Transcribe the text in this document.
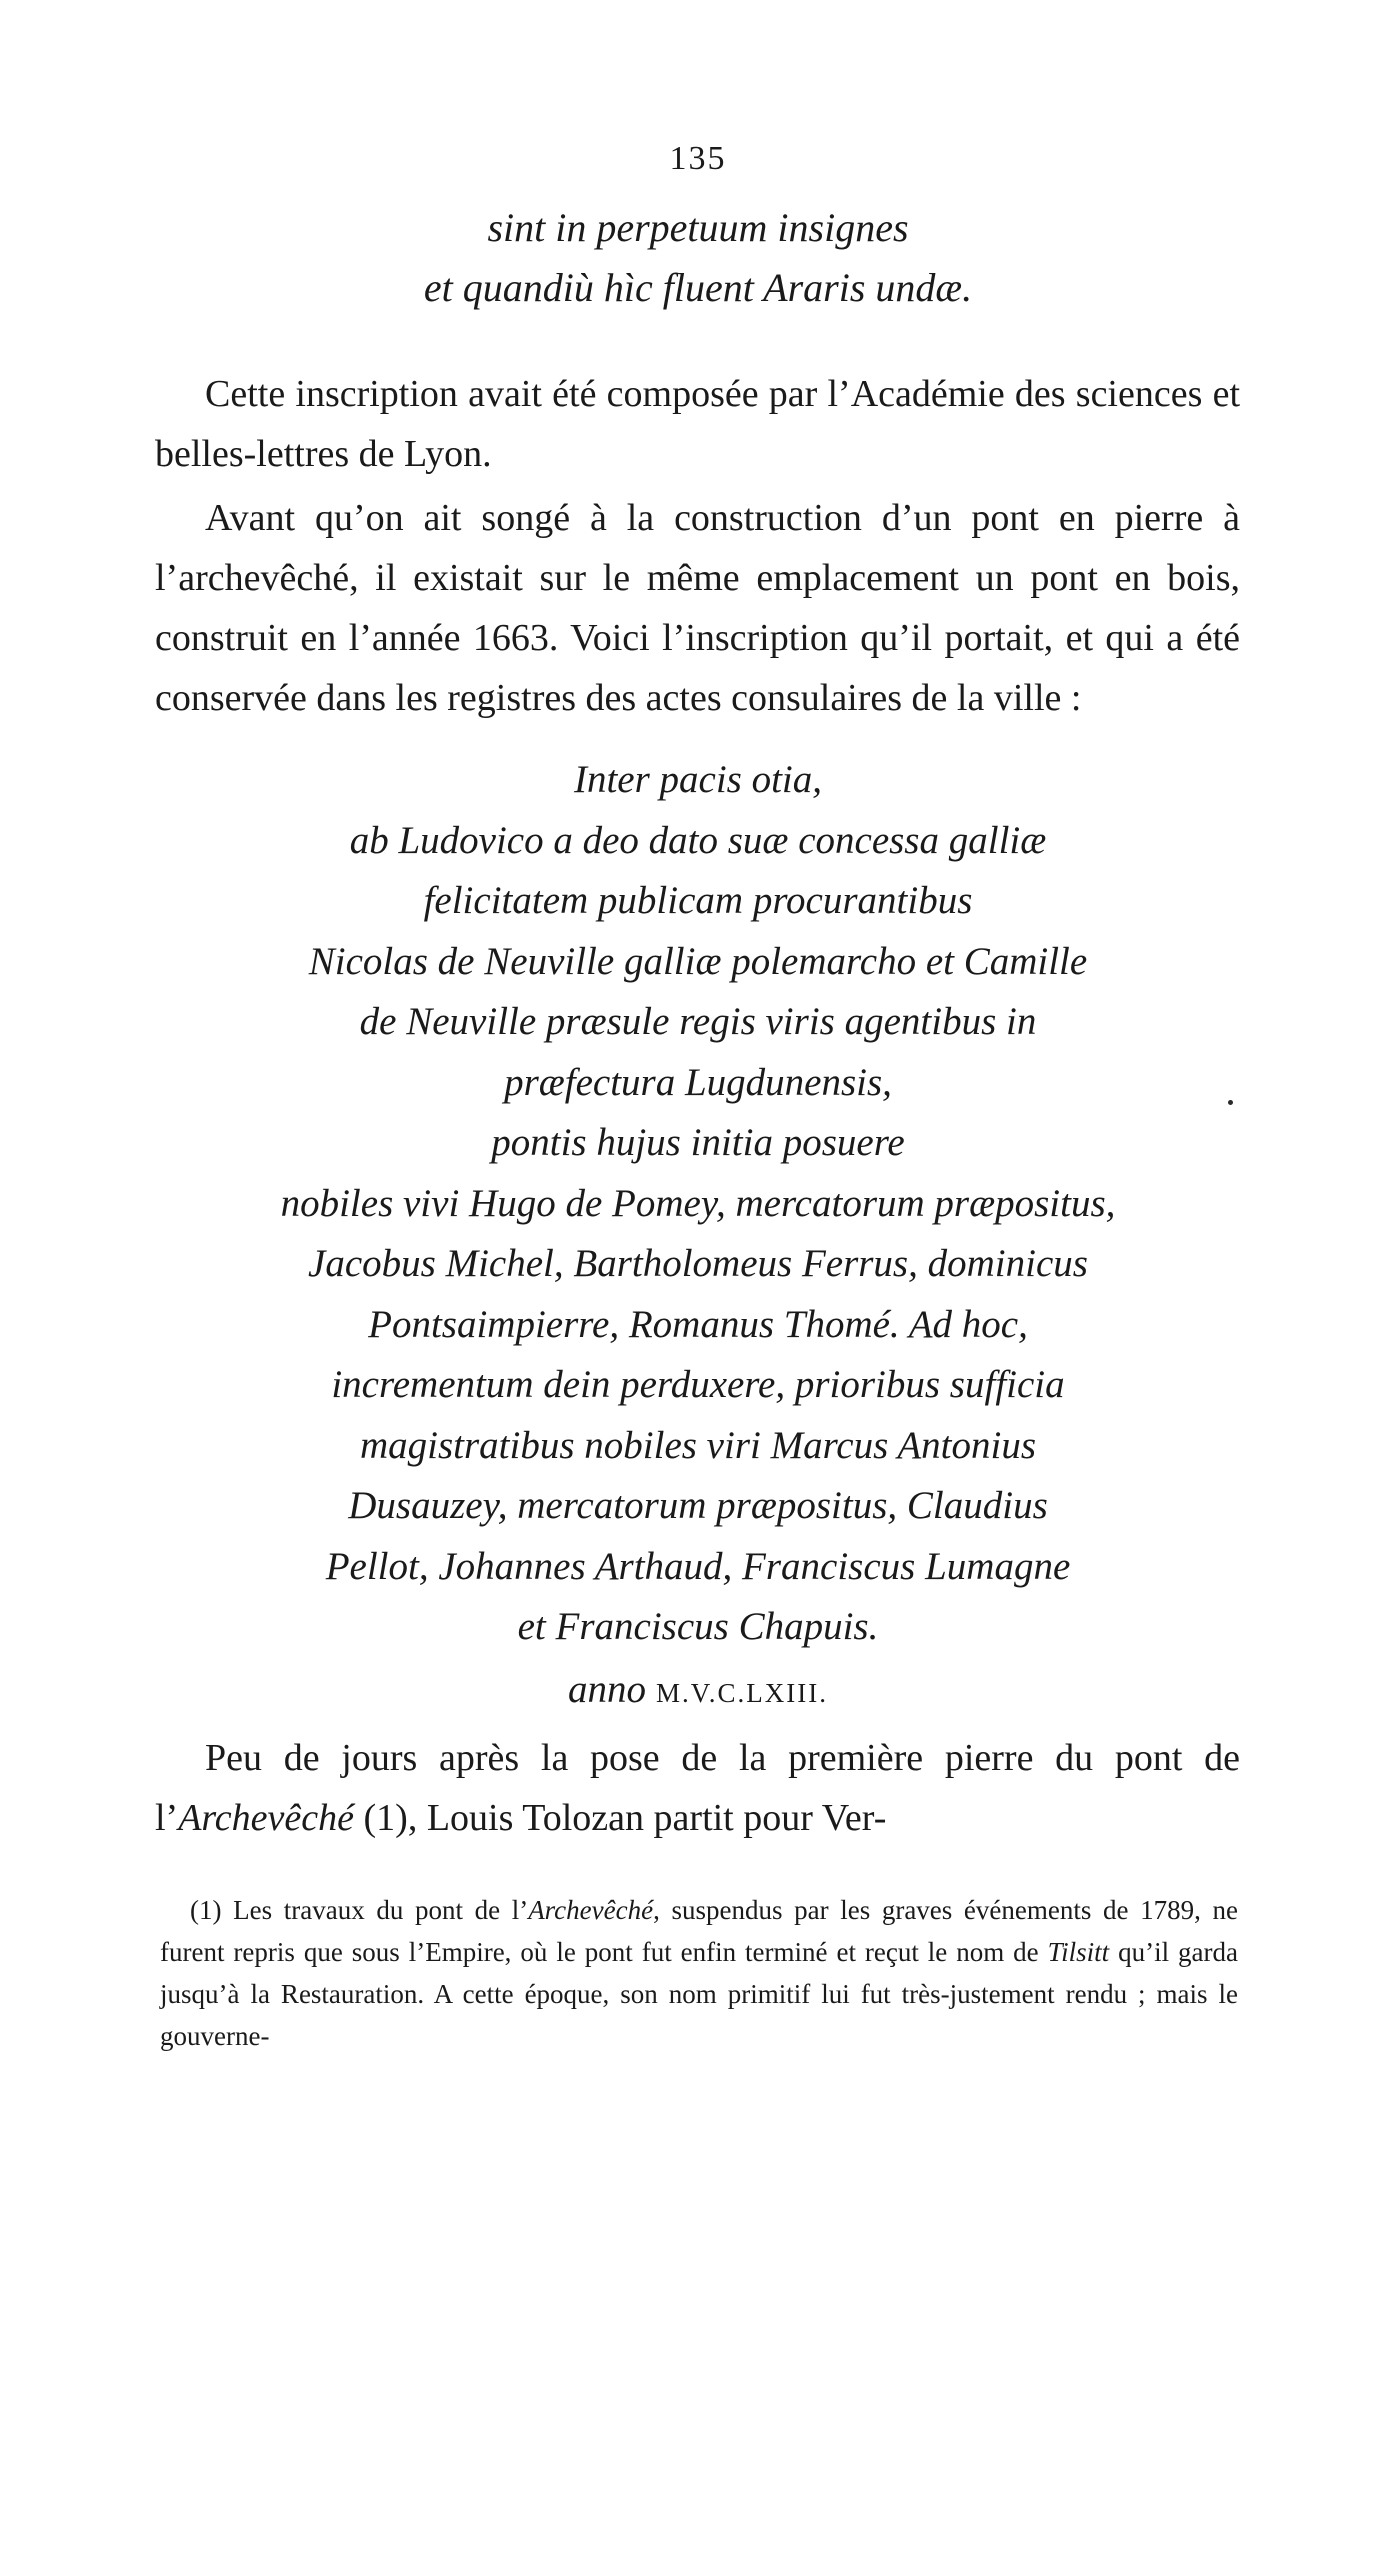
135
sint in perpetuum insignes
et quandiù hìc fluent Araris undæ.

Cette inscription avait été composée par l’Académie des sciences et belles-lettres de Lyon.

Avant qu’on ait songé à la construction d’un pont en pierre à l’archevêché, il existait sur le même emplacement un pont en bois, construit en l’année 1663. Voici l’inscription qu’il portait, et qui a été conservée dans les registres des actes consulaires de la ville :

Inter pacis otia,
ab Ludovico a deo dato suæ concessa galliæ
felicitatem publicam procurantibus
Nicolas de Neuville galliæ polemarcho et Camille
de Neuville præsule regis viris agentibus in
præfectura Lugdunensis,
pontis hujus initia posuere
nobiles vivi Hugo de Pomey, mercatorum præpositus,
Jacobus Michel, Bartholomeus Ferrus, dominicus
Pontsaimpierre, Romanus Thomé. Ad hoc,
incrementum dein perduxere, prioribus sufficia
magistratibus nobiles viri Marcus Antonius
Dusauzey, mercatorum præpositus, Claudius
Pellot, Johannes Arthaud, Franciscus Lumagne
et Franciscus Chapuis.
anno M.V.C.LXIII.

Peu de jours après la pose de la première pierre du pont de l’Archevêché (1), Louis Tolozan partit pour Ver-

(1) Les travaux du pont de l’Archevêché, suspendus par les graves événements de 1789, ne furent repris que sous l’Empire, où le pont fut enfin terminé et reçut le nom de Tilsitt qu’il garda jusqu’à la Restauration. A cette époque, son nom primitif lui fut très-justement rendu ; mais le gouverne-
